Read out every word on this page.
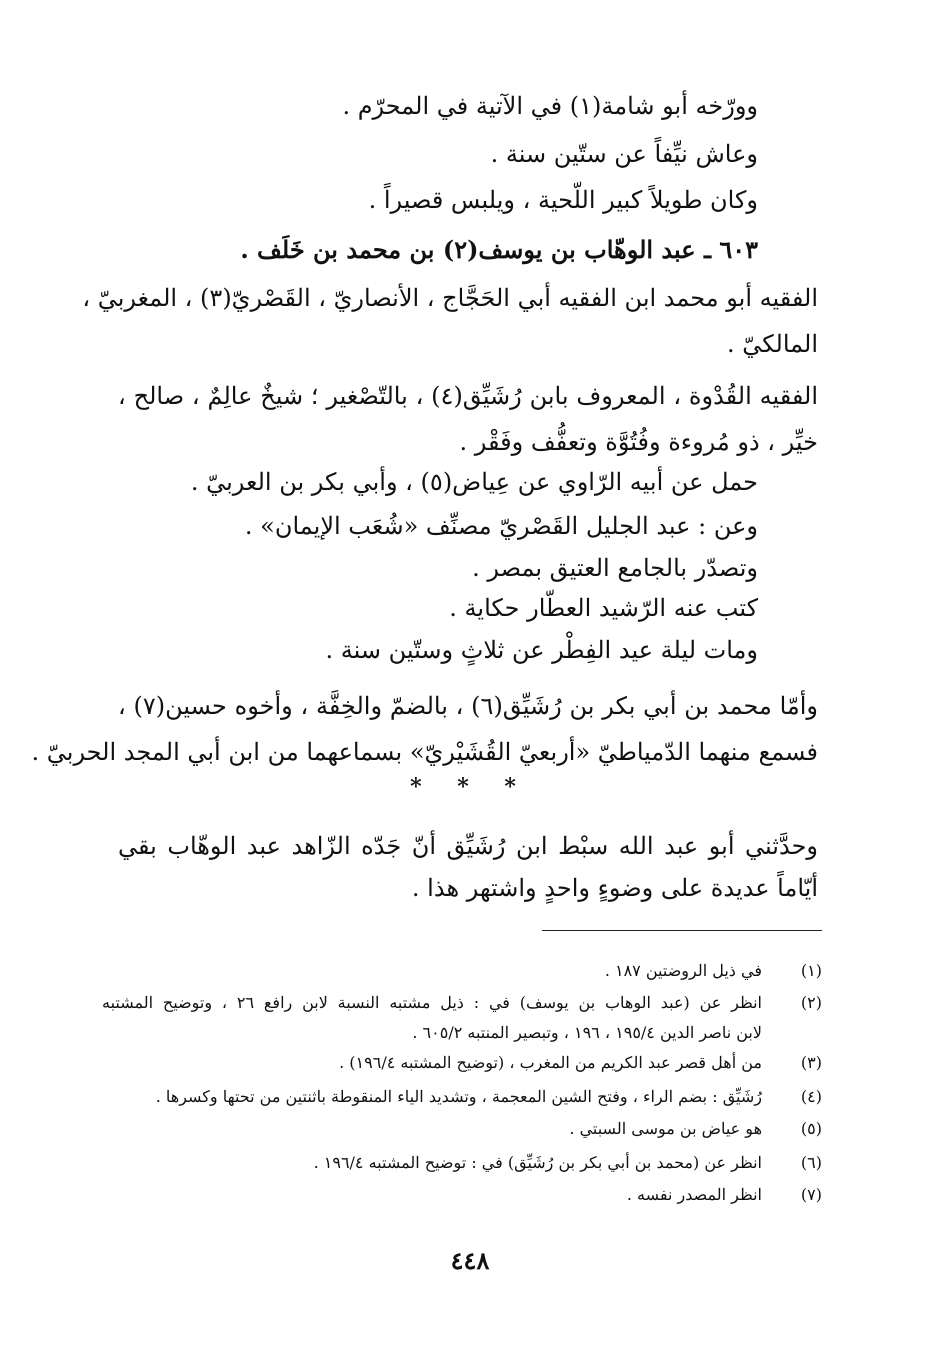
وورّخه أبو شامة(١) في الآتية في المحرّم .
وعاش نيِّفاً عن ستّين سنة .
وكان طويلاً كبير اللّحية ، ويلبس قصيراً .
٦٠٣ ـ عبد الوهّاب بن يوسف(٢) بن محمد بن خَلَف .
الفقيه أبو محمد ابن الفقيه أبي الحَجَّاج ، الأنصاريّ ، القَصْريّ(٣) ، المغربيّ ،
المالكيّ .
الفقيه القُدْوة ، المعروف بابن رُشَيِّق(٤) ، بالتّصْغير ؛ شيخٌ عالِمٌ ، صالح ،
خيِّر ، ذو مُروءة وفُتُوَّة وتعفُّف وفَقْر .
حمل عن أبيه الرّاوي عن عِياض(٥) ، وأبي بكر بن العربيّ .
وعن : عبد الجليل القَصْريّ مصنِّف «شُعَب الإيمان» .
وتصدّر بالجامع العتيق بمصر .
كتب عنه الرّشيد العطّار حكاية .
ومات ليلة عيد الفِطْر عن ثلاثٍ وستّين سنة .
وأمّا محمد بن أبي بكر بن رُشَيِّق(٦) ، بالضمّ والخِفَّة ، وأخوه حسين(٧) ،
فسمع منهما الدّمياطيّ «أربعيّ القُشَيْريّ» بسماعهما من ابن أبي المجد الحربيّ .
* * *
وحدَّثني أبو عبد الله سبْط ابن رُشَيِّق أنّ جَدّه الزّاهد عبد الوهّاب بقي
أيّاماً عديدة على وضوءٍ واحدٍ واشتهر هذا .
(١)
في ذيل الروضتين ١٨٧ .
(٢)
انظر عن (عبد الوهاب بن يوسف) في : ذيل مشتبه النسبة لابن رافع ٢٦ ، وتوضيح المشتبه
لابن ناصر الدين ١٩٥/٤ ، ١٩٦ ، وتبصير المنتبه ٦٠٥/٢ .
(٣)
من أهل قصر عبد الكريم من المغرب ، (توضيح المشتبه ١٩٦/٤) .
(٤)
رُشَيِّق : بضم الراء ، وفتح الشين المعجمة ، وتشديد الياء المنقوطة باثنتين من تحتها وكسرها .
(٥)
هو عياض بن موسى السبتي .
(٦)
انظر عن (محمد بن أبي بكر بن رُشَيِّق) في : توضيح المشتبه ١٩٦/٤ .
(٧)
انظر المصدر نفسه .
٤٤٨
